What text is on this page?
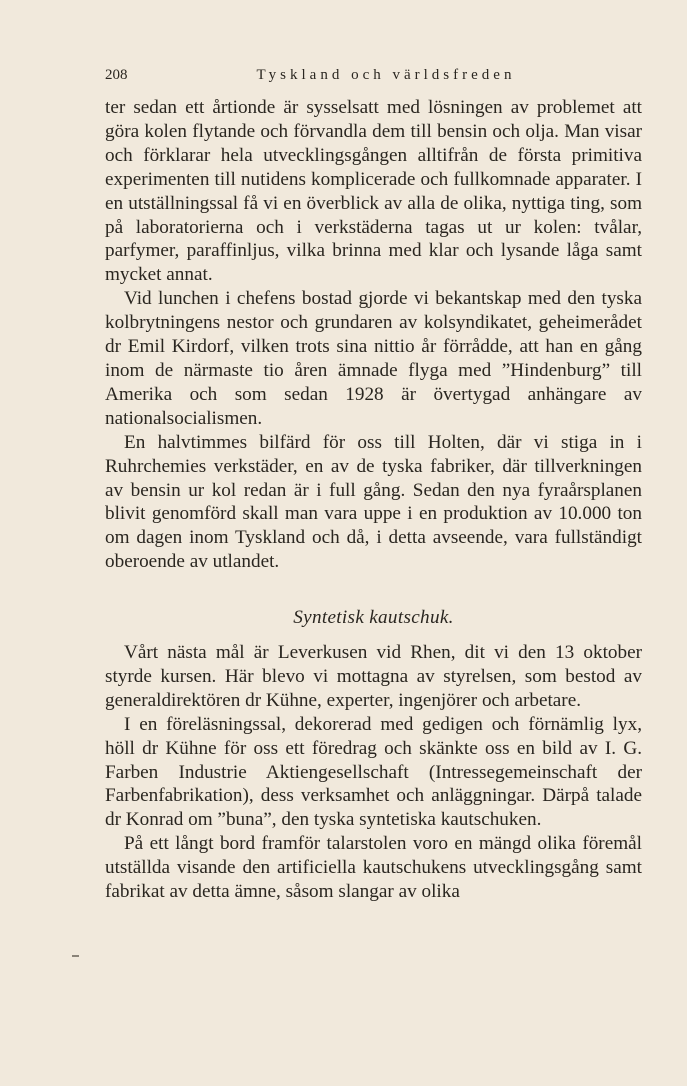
208	Tyskland och världsfreden

ter sedan ett årtionde är sysselsatt med lösningen av problemet att göra kolen flytande och förvandla dem till bensin och olja. Man visar och förklarar hela utvecklingsgången alltifrån de första primitiva experimenten till nutidens komplicerade och fullkomnade apparater. I en utställningssal få vi en överblick av alla de olika, nyttiga ting, som på laboratorierna och i verkstäderna tagas ut ur kolen: tvålar, parfymer, paraffinljus, vilka brinna med klar och lysande låga samt mycket annat.

Vid lunchen i chefens bostad gjorde vi bekantskap med den tyska kolbrytningens nestor och grundaren av kolsyndikatet, geheimerådet dr Emil Kirdorf, vilken trots sina nittio år förrådde, att han en gång inom de närmaste tio åren ämnade flyga med ”Hindenburg” till Amerika och som sedan 1928 är övertygad anhängare av nationalsocialismen.

En halvtimmes bilfärd för oss till Holten, där vi stiga in i Ruhrchemies verkstäder, en av de tyska fabriker, där tillverkningen av bensin ur kol redan är i full gång. Sedan den nya fyraårsplanen blivit genomförd skall man vara uppe i en produktion av 10.000 ton om dagen inom Tyskland och då, i detta avseende, vara fullständigt oberoende av utlandet.

Syntetisk kautschuk.

Vårt nästa mål är Leverkusen vid Rhen, dit vi den 13 oktober styrde kursen. Här blevo vi mottagna av styrelsen, som bestod av generaldirektören dr Kühne, experter, ingenjörer och arbetare.

I en föreläsningssal, dekorerad med gedigen och förnämlig lyx, höll dr Kühne för oss ett föredrag och skänkte oss en bild av I. G. Farben Industrie Aktiengesellschaft (Intressegemeinschaft der Farbenfabrikation), dess verksamhet och anläggningar. Därpå talade dr Konrad om ”buna”, den tyska syntetiska kautschuken.

På ett långt bord framför talarstolen voro en mängd olika föremål utställda visande den artificiella kautschukens utvecklingsgång samt fabrikat av detta ämne, såsom slangar av olika
